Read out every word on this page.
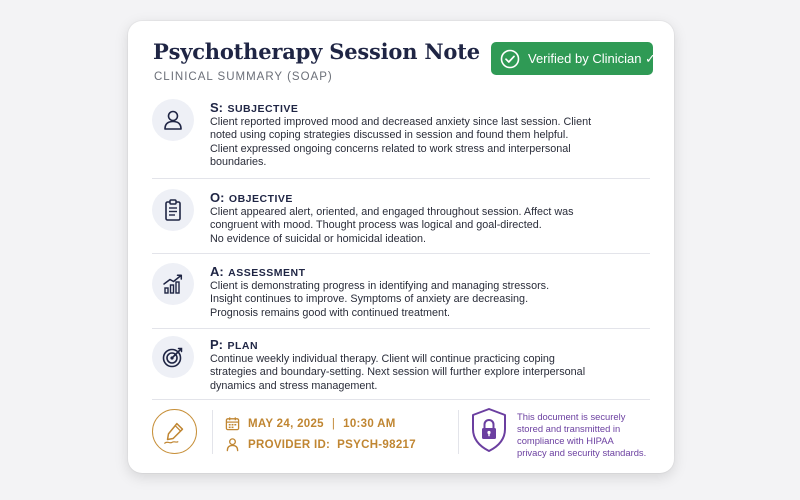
Psychotherapy Session Note
CLINICAL SUMMARY (SOAP)
Verified by Clinician ✓
S: SUBJECTIVE
Client reported improved mood and decreased anxiety since last session. Client
noted using coping strategies discussed in session and found them helpful.
Client expressed ongoing concerns related to work stress and interpersonal
boundaries.
O: OBJECTIVE
Client appeared alert, oriented, and engaged throughout session. Affect was
congruent with mood. Thought process was logical and goal-directed.
No evidence of suicidal or homicidal ideation.
A: ASSESSMENT
Client is demonstrating progress in identifying and managing stressors.
Insight continues to improve. Symptoms of anxiety are decreasing.
Prognosis remains good with continued treatment.
P: PLAN
Continue weekly individual therapy. Client will continue practicing coping
strategies and boundary-setting. Next session will further explore interpersonal
dynamics and stress management.
MAY 24, 2025 | 10:30 AM
PROVIDER ID:  PSYCH-98217
This document is securely
stored and transmitted in
compliance with HIPAA
privacy and security standards.
